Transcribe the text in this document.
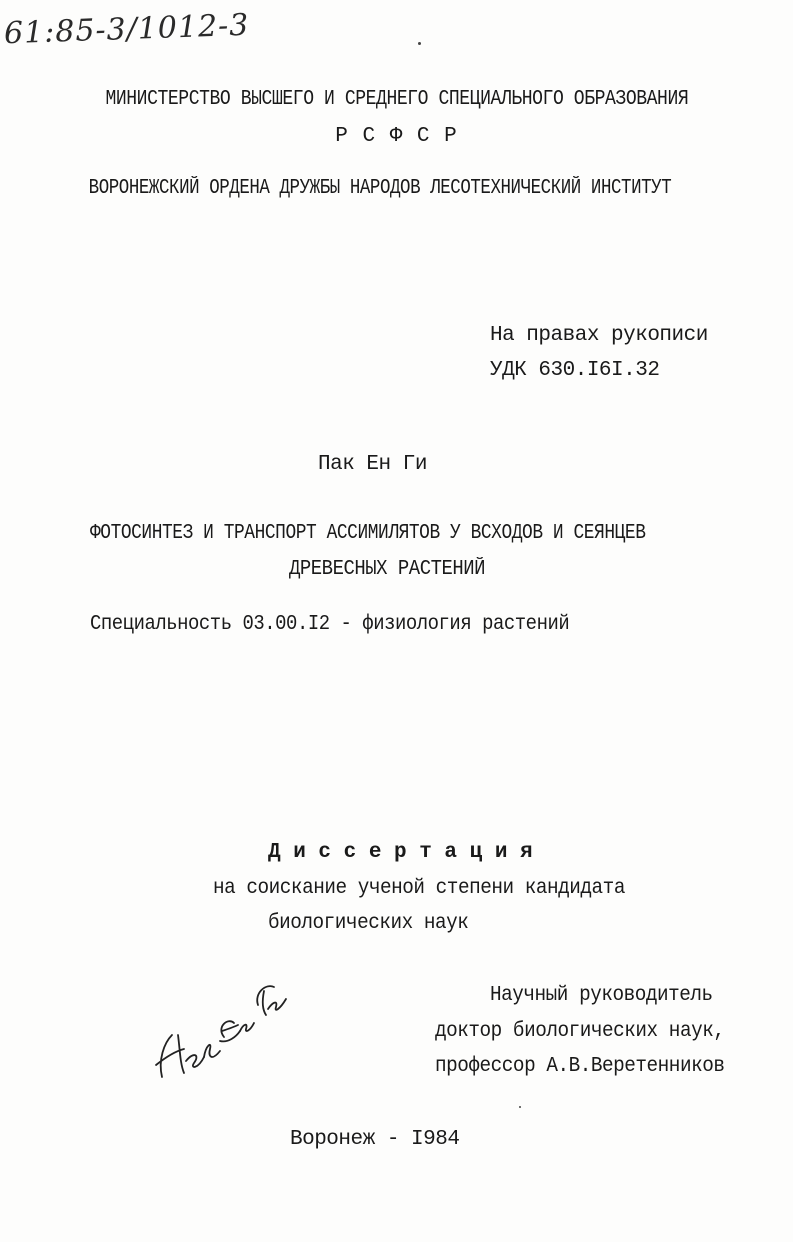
61:85-3/1012-3
МИНИСТЕРСТВО ВЫСШЕГО И СРЕДНЕГО СПЕЦИАЛЬНОГО ОБРАЗОВАНИЯ
Р С Ф С Р
ВОРОНЕЖСКИЙ ОРДЕНА ДРУЖБЫ НАРОДОВ ЛЕСОТЕХНИЧЕСКИЙ ИНСТИТУТ
На правах рукописи
УДК 630.I6I.32
Пак Ен Ги
ФОТОСИНТЕЗ И ТРАНСПОРТ АССИМИЛЯТОВ У ВСХОДОВ И СЕЯНЦЕВ
ДРЕВЕСНЫХ РАСТЕНИЙ
Специальность 03.00.I2 - физиология растений
Д и с с е р т а ц и я
на соискание ученой степени кандидата
биологических наук
Научный руководитель
доктор биологических наук,
профессор А.В.Веретенников
Воронеж - I984
